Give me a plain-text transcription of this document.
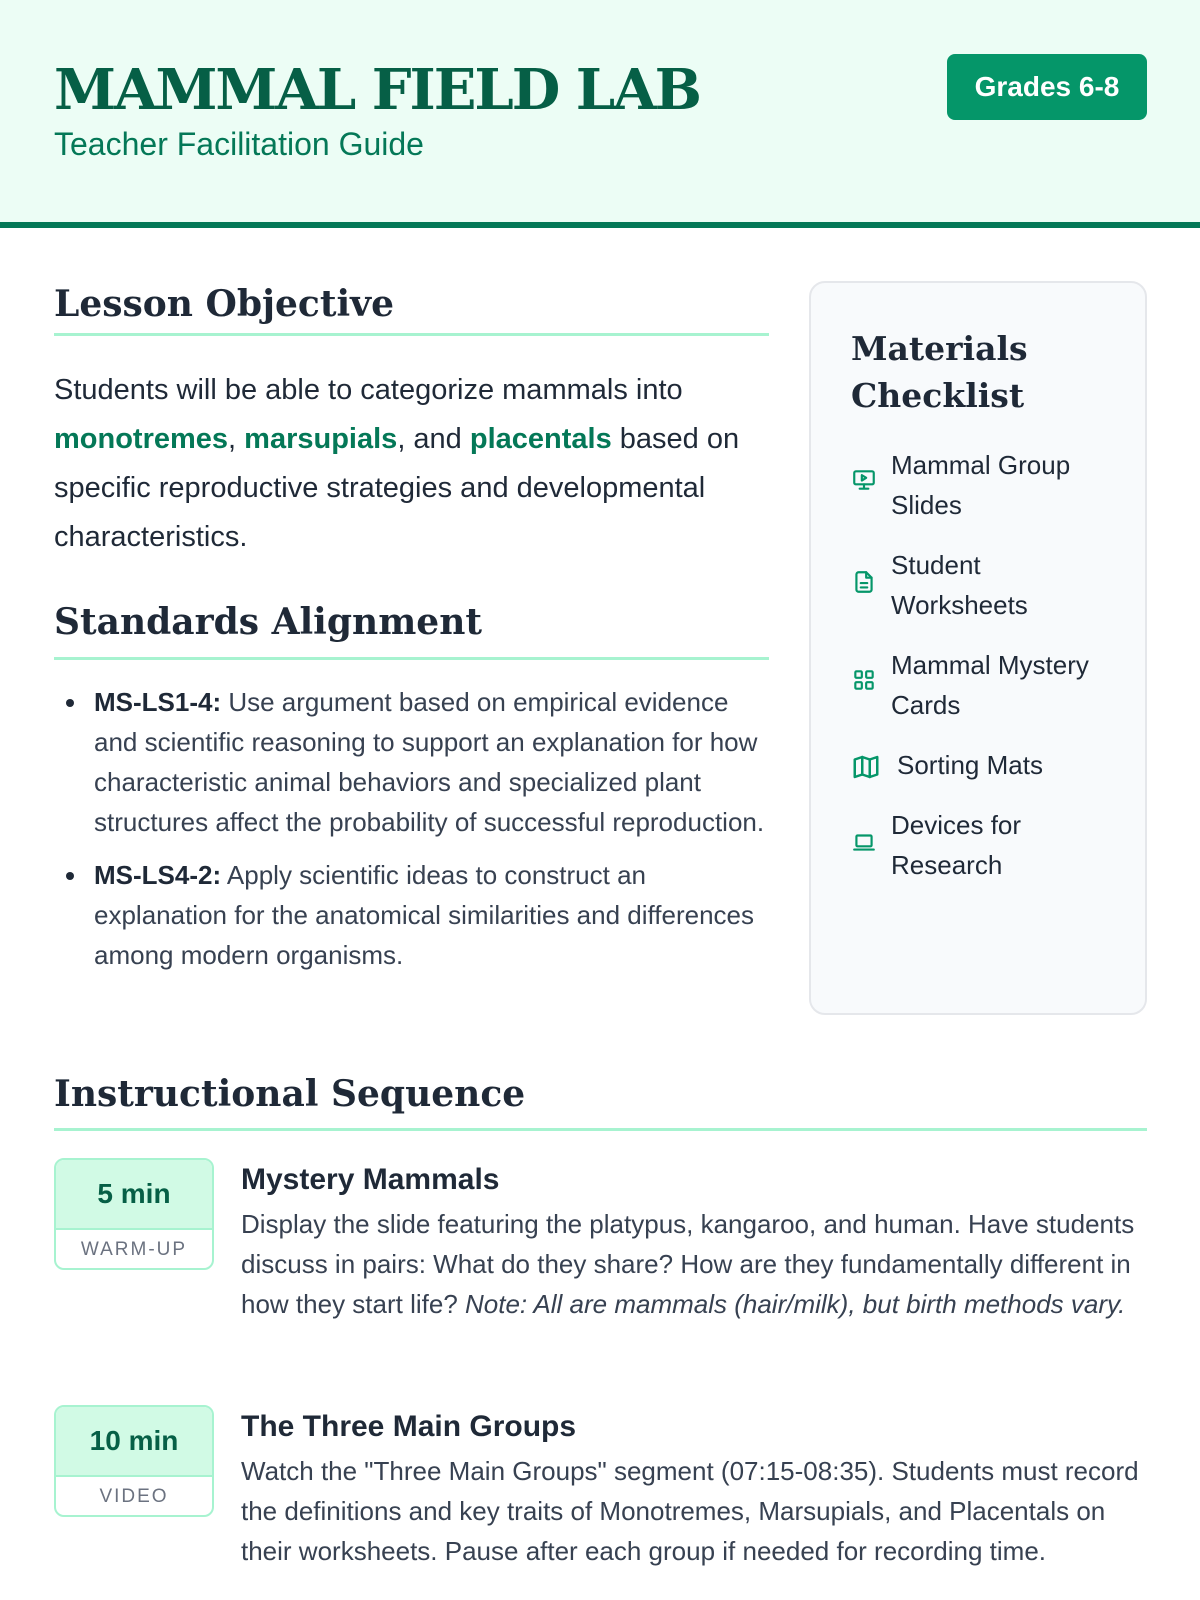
MAMMAL FIELD LAB
Teacher Facilitation Guide
Grades 6-8
Lesson Objective

Students will be able to categorize mammals into monotremes, marsupials, and placentals based on specific reproductive strategies and developmental characteristics.

Standards Alignment
MS-LS1-4: Use argument based on empirical evidence and scientific reasoning to support an explanation for how characteristic animal behaviors and specialized plant structures affect the probability of successful reproduction.
MS-LS4-2: Apply scientific ideas to construct an explanation for the anatomical similarities and differences among modern organisms.
Materials Checklist
Mammal Group Slides
Student Worksheets
Mammal Mystery Cards
Sorting Mats
Devices for Research
Instructional Sequence
5 min
WARM-UP
Mystery Mammals

Display the slide featuring the platypus, kangaroo, and human. Have students discuss in pairs: What do they share? How are they fundamentally different in how they start life? Note: All are mammals (hair/milk), but birth methods vary.

10 min
VIDEO
The Three Main Groups

Watch the "Three Main Groups" segment (07:15-08:35). Students must record the definitions and key traits of Monotremes, Marsupials, and Placentals on their worksheets. Pause after each group if needed for recording time.
